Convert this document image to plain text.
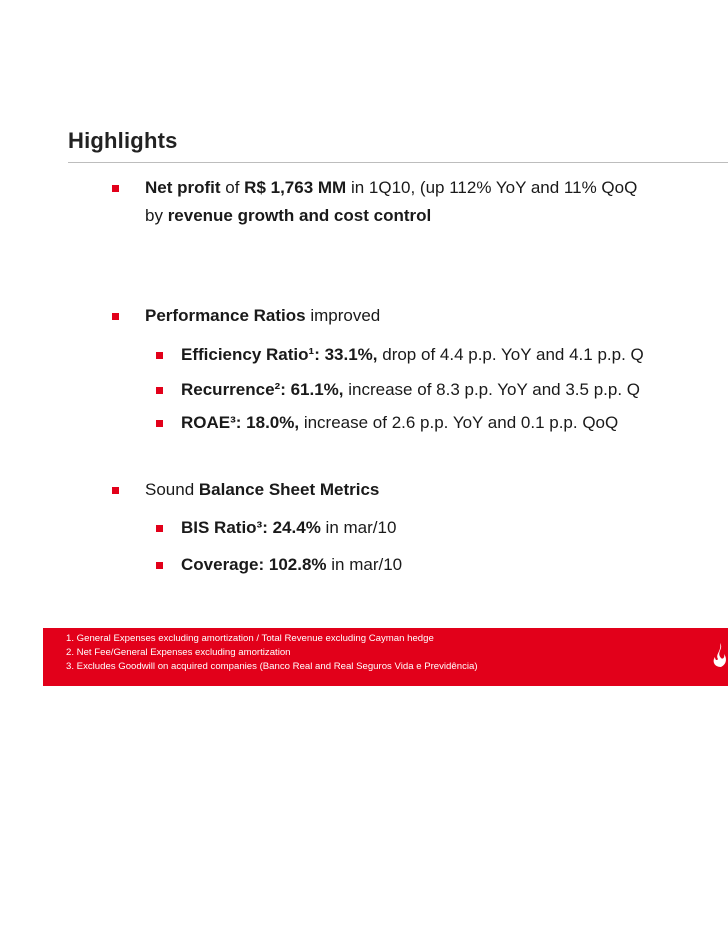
Highlights
Net profit of R$ 1,763 MM in 1Q10, (up 112% YoY and 11% QoQ
by revenue growth and cost control
Performance Ratios improved
Efficiency Ratio¹: 33.1%, drop of 4.4 p.p. YoY and 4.1 p.p. Q
Recurrence²: 61.1%, increase of 8.3 p.p. YoY and 3.5 p.p. Q
ROAE³: 18.0%, increase of 2.6 p.p. YoY and 0.1 p.p. QoQ
Sound Balance Sheet Metrics
BIS Ratio³: 24.4% in mar/10
Coverage: 102.8% in mar/10
1. General Expenses excluding amortization / Total Revenue excluding Cayman hedge
2. Net Fee/General Expenses excluding amortization
3. Excludes Goodwill on acquired companies (Banco Real and Real Seguros Vida e Previdência)
